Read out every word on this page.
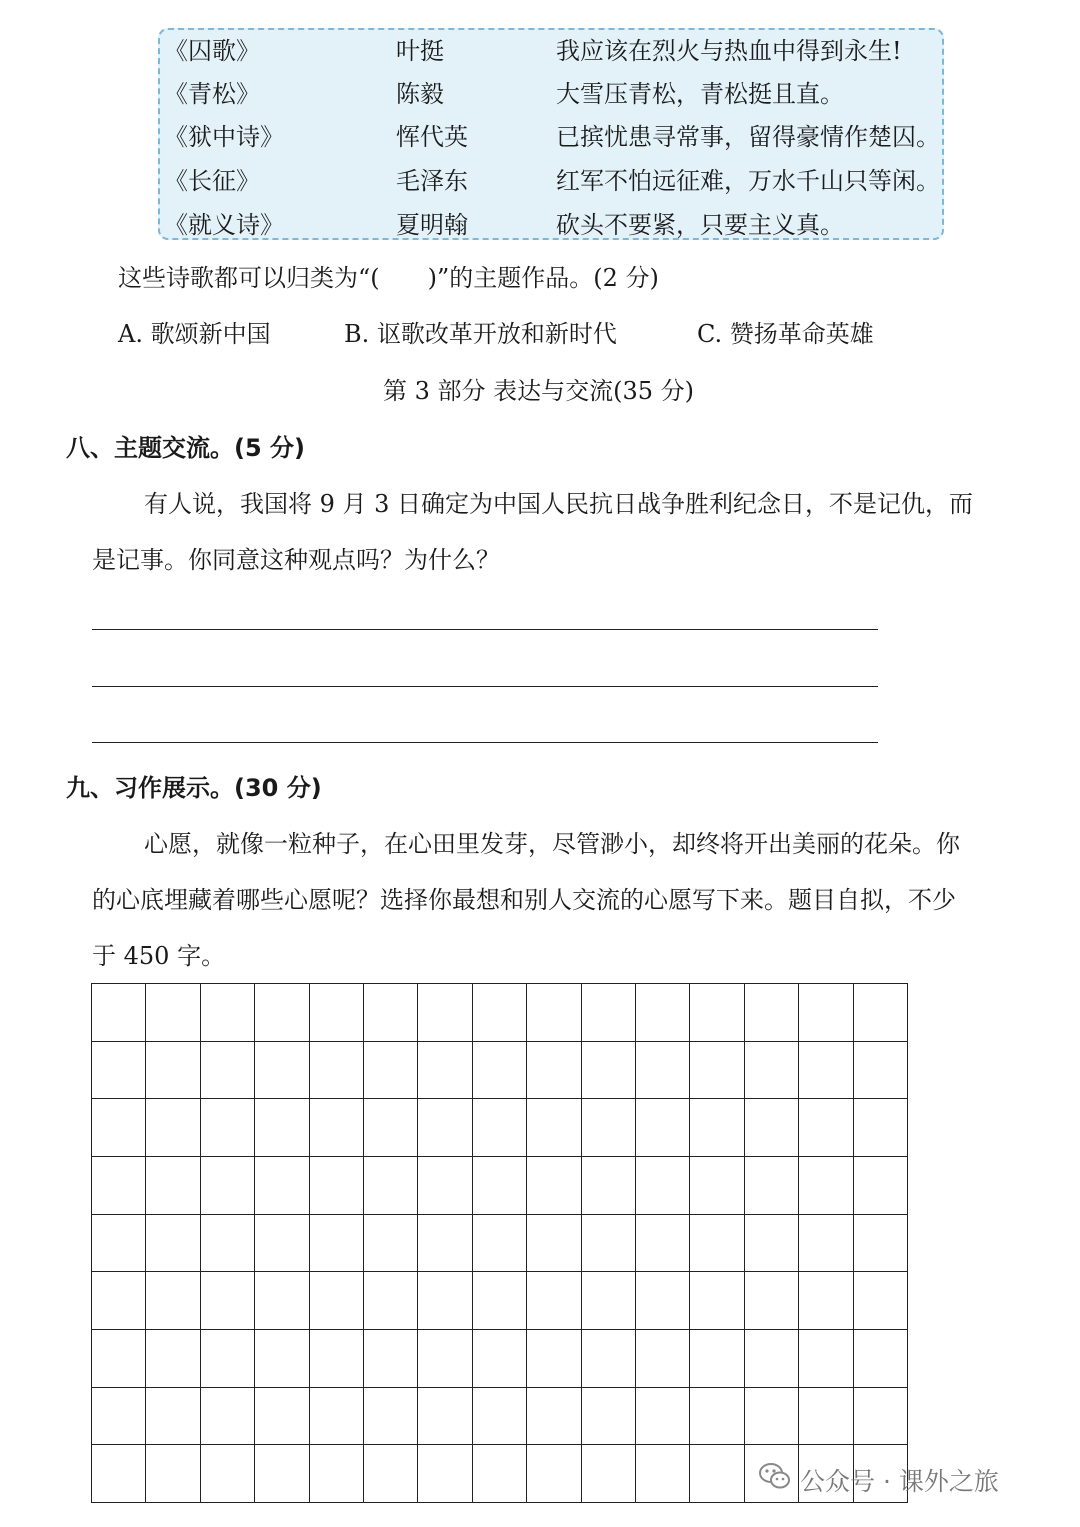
《囚歌》	叶挺	我应该在烈火与热血中得到永生!
《青松》	陈毅	大雪压青松，青松挺且直。
《狱中诗》	恽代英	已摈忧患寻常事，留得豪情作楚囚。
《长征》	毛泽东	红军不怕远征难，万水千山只等闲。
《就义诗》	夏明翰	砍头不要紧，只要主义真。
这些诗歌都可以归类为“(　　)”的主题作品。(2 分)
A. 歌颂新中国	B. 讴歌改革开放和新时代	C. 赞扬革命英雄
第 3 部分 表达与交流(35 分)
八、主题交流。(5 分)
有人说，我国将 9 月 3 日确定为中国人民抗日战争胜利纪念日，不是记仇，而
是记事。你同意这种观点吗？为什么？
九、习作展示。(30 分)
心愿，就像一粒种子，在心田里发芽，尽管渺小，却终将开出美丽的花朵。你
的心底埋藏着哪些心愿呢？选择你最想和别人交流的心愿写下来。题目自拟，不少
于 450 字。
公众号 · 课外之旅
